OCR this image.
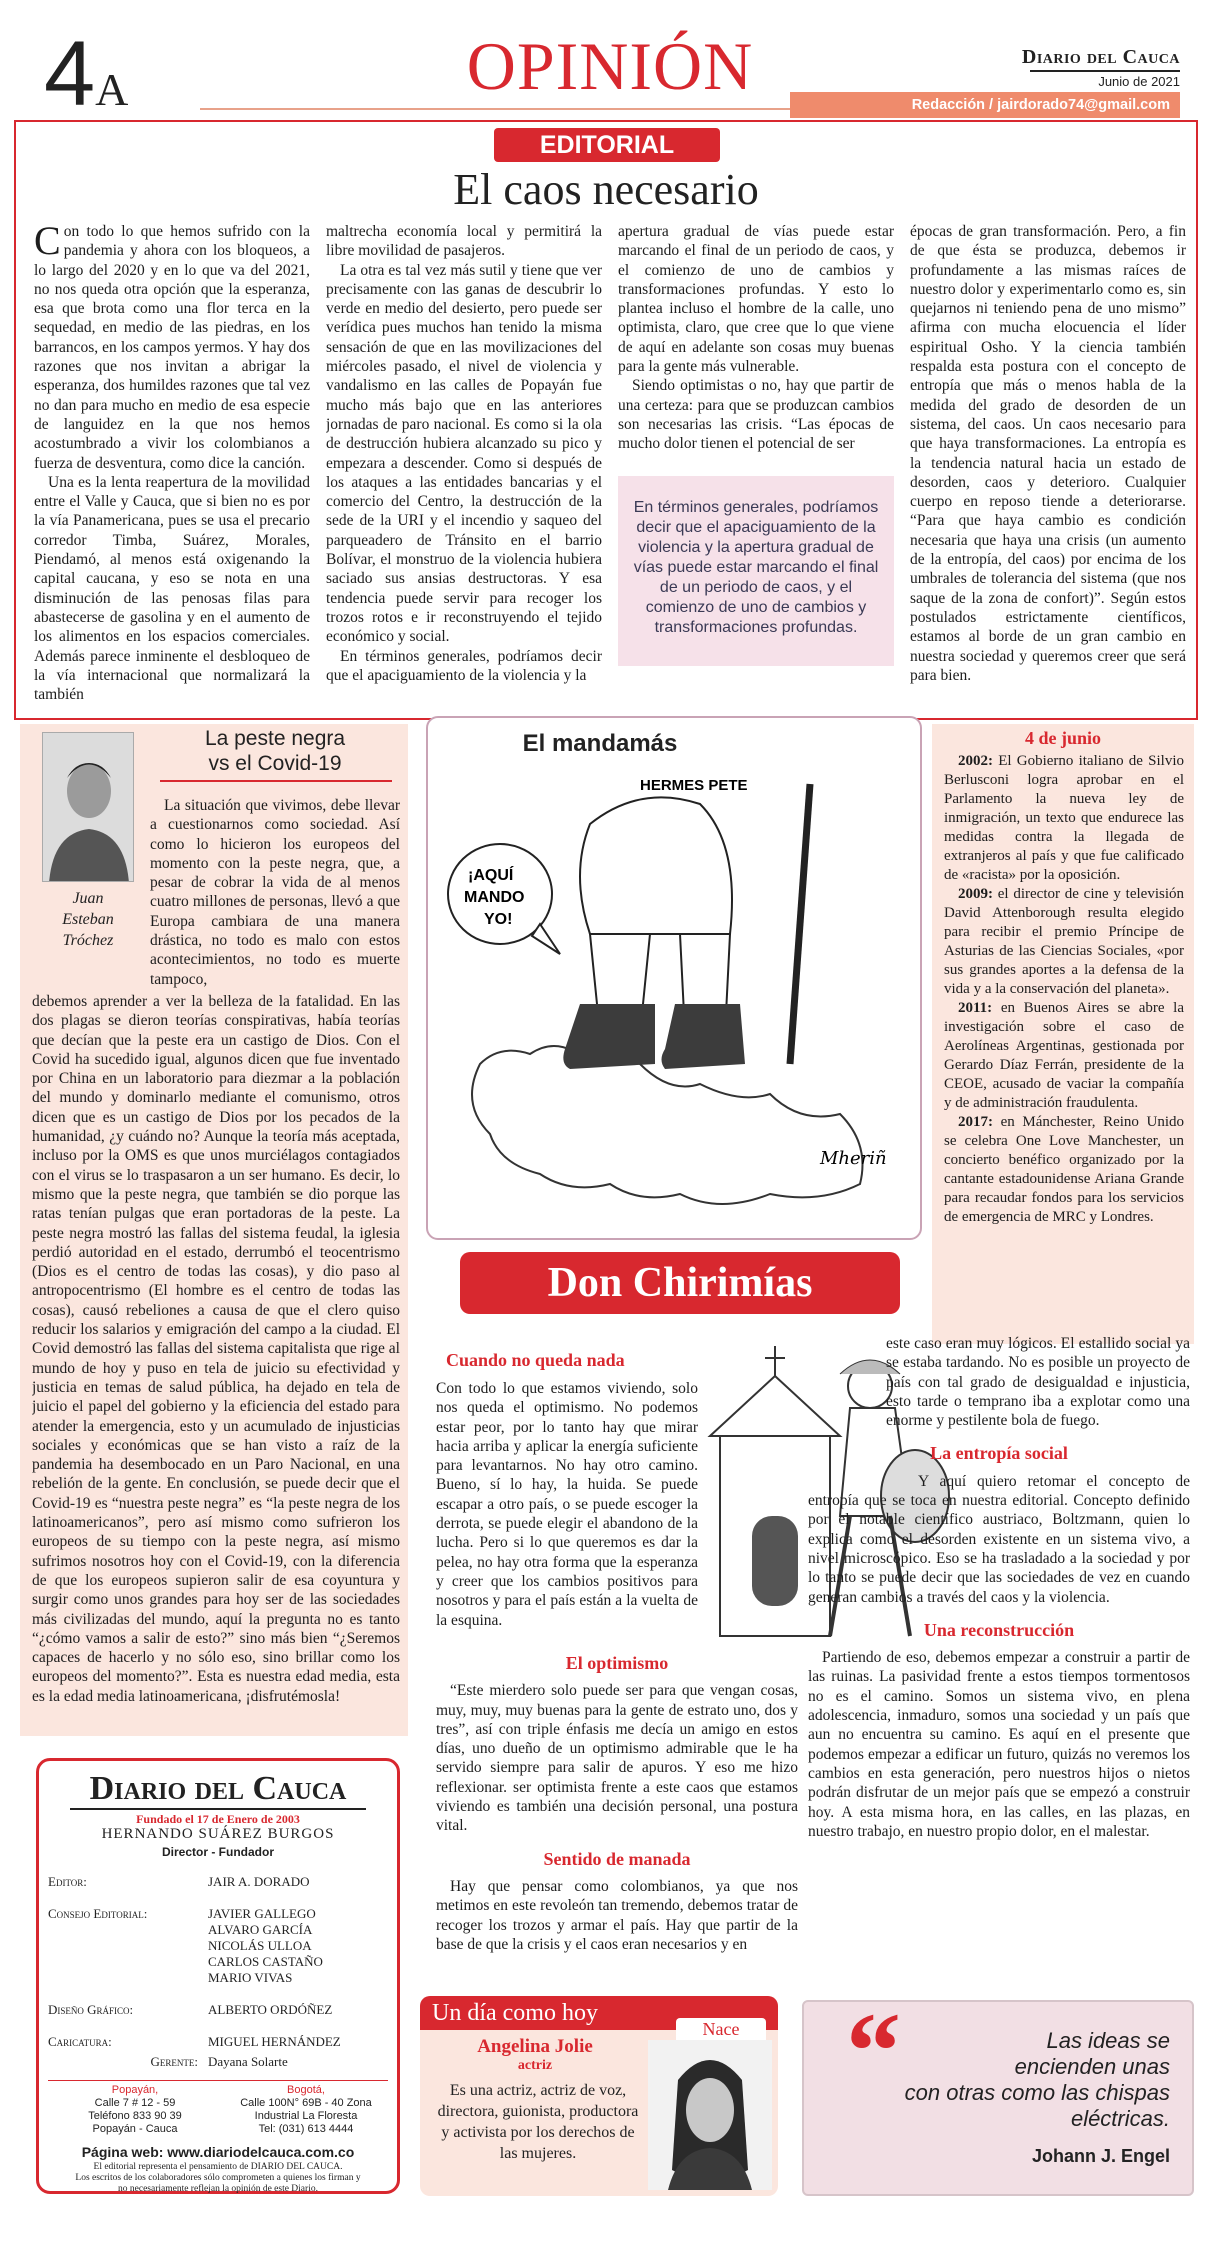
4A	OPINIÓN	Diario del Cauca
Junio de 2021
Redacción / jairdorado74@gmail.com
EDITORIAL
El caos necesario

Con todo lo que hemos sufrido con la pandemia y ahora con los bloqueos, a lo largo del 2020 y en lo que va del 2021, no nos queda otra opción que la esperanza, esa que brota como una flor terca en la sequedad, en medio de las piedras, en los barrancos, en los campos yermos. Y hay dos razones que nos invitan a abrigar la esperanza, dos humildes razones que tal vez no dan para mucho en medio de esa especie de languidez en la que nos hemos acostumbrado a vivir los colombianos a fuerza de desventura, como dice la canción.

Una es la lenta reapertura de la movilidad entre el Valle y Cauca, que si bien no es por la vía Panamericana, pues se usa el precario corredor Timba, Suárez, Morales, Piendamó, al menos está oxigenando la capital caucana, y eso se nota en una disminución de las penosas filas para abastecerse de gasolina y en el aumento de los alimentos en los espacios comerciales. Además parece inminente el desbloqueo de la vía internacional que normalizará la también

maltrecha economía local y permitirá la libre movilidad de pasajeros.

La otra es tal vez más sutil y tiene que ver precisamente con las ganas de descubrir lo verde en medio del desierto, pero puede ser verídica pues muchos han tenido la misma sensación de que en las movilizaciones del miércoles pasado, el nivel de violencia y vandalismo en las calles de Popayán fue mucho más bajo que en las anteriores jornadas de paro nacional. Es como si la ola de destrucción hubiera alcanzado su pico y empezara a descender. Como si después de los ataques a las entidades bancarias y el comercio del Centro, la destrucción de la sede de la URI y el incendio y saqueo del parqueadero de Tránsito en el barrio Bolívar, el monstruo de la violencia hubiera saciado sus ansias destructoras. Y esa tendencia puede servir para recoger los trozos rotos e ir reconstruyendo el tejido económico y social.

En términos generales, podríamos decir que el apaciguamiento de la violencia y la

apertura gradual de vías puede estar marcando el final de un periodo de caos, y el comienzo de uno de cambios y transformaciones profundas. Y esto lo plantea incluso el hombre de la calle, uno optimista, claro, que cree que lo que viene de aquí en adelante son cosas muy buenas para la gente más vulnerable.

Siendo optimistas o no, hay que partir de una certeza: para que se produzcan cambios son necesarias las crisis. “Las épocas de mucho dolor tienen el potencial de ser

En términos generales, podríamos decir que el apaciguamiento de la violencia y la apertura gradual de vías puede estar marcando el final de un periodo de caos, y el comienzo de uno de cambios y transformaciones profundas.

épocas de gran transformación. Pero, a fin de que ésta se produzca, debemos ir profundamente a las mismas raíces de nuestro dolor y experimentarlo como es, sin quejarnos ni teniendo pena de uno mismo” afirma con mucha elocuencia el líder espiritual Osho. Y la ciencia también respalda esta postura con el concepto de entropía que más o menos habla de la medida del grado de desorden de un sistema, del caos. Un caos necesario para que haya transformaciones. La entropía es la tendencia natural hacia un estado de desorden, caos y deterioro. Cualquier cuerpo en reposo tiende a deteriorarse. “Para que haya cambio es condición necesaria que haya una crisis (un aumento de la entropía, del caos) por encima de los umbrales de tolerancia del sistema (que nos saque de la zona de confort)”. Según estos postulados estrictamente científicos, estamos al borde de un gran cambio en nuestra sociedad y queremos creer que será para bien.

Juan
Esteban
Tróchez
La peste negra
vs el Covid-19
La situación que vivimos, debe llevar a cuestionarnos como sociedad. Así como lo hicieron los europeos del momento con la peste negra, que, a pesar de cobrar la vida de al menos cuatro millones de personas, llevó a que Europa cambiara de una manera drástica, no todo es malo con estos acontecimientos, no todo es muerte tampoco,
debemos aprender a ver la belleza de la fatalidad. En las dos plagas se dieron teorías conspirativas, había teorías que decían que la peste era un castigo de Dios. Con el Covid ha sucedido igual, algunos dicen que fue inventado por China en un laboratorio para diezmar a la población del mundo y dominarlo mediante el comunismo, otros dicen que es un castigo de Dios por los pecados de la humanidad, ¿y cuándo no? Aunque la teoría más aceptada, incluso por la OMS es que unos murciélagos contagiados con el virus se lo traspasaron a un ser humano. Es decir, lo mismo que la peste negra, que también se dio porque las ratas tenían pulgas que eran portadoras de la peste. La peste negra mostró las fallas del sistema feudal, la iglesia perdió autoridad en el estado, derrumbó el teocentrismo (Dios es el centro de todas las cosas), y dio paso al antropocentrismo (El hombre es el centro de todas las cosas), causó rebeliones a causa de que el clero quiso reducir los salarios y emigración del campo a la ciudad. El Covid demostró las fallas del sistema capitalista que rige al mundo de hoy y puso en tela de juicio su efectividad y justicia en temas de salud pública, ha dejado en tela de juicio el papel del gobierno y la eficiencia del estado para atender la emergencia, esto y un acumulado de injusticias sociales y económicas que se han visto a raíz de la pandemia ha desembocado en un Paro Nacional, en una rebelión de la gente. En conclusión, se puede decir que el Covid-19 es “nuestra peste negra” es “la peste negra de los latinoamericanos”, pero así mismo como sufrieron los europeos de su tiempo con la peste negra, así mismo sufrimos nosotros hoy con el Covid-19, con la diferencia de que los europeos supieron salir de esa coyuntura y surgir como unos grandes para hoy ser de las sociedades más civilizadas del mundo, aquí la pregunta no es tanto “¿cómo vamos a salir de esto?” sino más bien “¿Seremos capaces de hacerlo y no sólo eso, sino brillar como los europeos del momento?”. Esta es nuestra edad media, esta es la edad media latinoamericana, ¡disfrutémosla!
El mandamás
HERMES PETE
¡AQUÍ
MANDO
YO!
Mheriñ
4 de junio

2002: El Gobierno italiano de Silvio Berlusconi logra aprobar en el Parlamento la nueva ley de inmigración, un texto que endurece las medidas contra la llegada de extranjeros al país y que fue calificado de «racista» por la oposición.

2009: el director de cine y televisión David Attenborough resulta elegido para recibir el premio Príncipe de Asturias de las Ciencias Sociales, «por sus grandes aportes a la defensa de la vida y a la conservación del planeta».

2011: en Buenos Aires se abre la investigación sobre el caso de Aerolíneas Argentinas, gestionada por Gerardo Díaz Ferrán, presidente de la CEOE, acusado de vaciar la compañía y de administración fraudulenta.

2017: en Mánchester, Reino Unido se celebra One Love Manchester, un concierto benéfico organizado por la cantante estadounidense Ariana Grande para recaudar fondos para los servicios de emergencia de MRC y Londres.

Don Chirimías
Cuando no queda nada
Con todo lo que estamos viviendo, solo nos queda el optimismo. No podemos estar peor, por lo tanto hay que mirar hacia arriba y aplicar la energía suficiente para levantarnos. No hay otro camino. Bueno, sí lo hay, la huida. Se puede escapar a otro país, o se puede escoger la derrota, se puede elegir el abandono de la lucha. Pero si lo que queremos es dar la pelea, no hay otra forma que la esperanza y creer que los cambios positivos para nosotros y para el país están a la vuelta de la esquina.
El optimismo
“Este mierdero solo puede ser para que vengan cosas, muy, muy, muy buenas para la gente de estrato uno, dos y tres”, así con triple énfasis me decía un amigo en estos días, uno dueño de un optimismo admirable que le ha servido siempre para salir de apuros. Y eso me hizo reflexionar. ser optimista frente a este caos que estamos viviendo es también una decisión personal, una postura vital.
Sentido de manada
Hay que pensar como colombianos, ya que nos metimos en este revoleón tan tremendo, debemos tratar de recoger los trozos y armar el país. Hay que partir de la base de que la crisis y el caos eran necesarios y en
este caso eran muy lógicos. El estallido social ya se estaba tardando. No es posible un proyecto de país con tal grado de desigualdad e injusticia, esto tarde o temprano iba a explotar como una enorme y pestilente bola de fuego.
La entropía social
Y aquí quiero retomar el concepto de entropía que se toca en nuestra editorial. Concepto definido por el notable científico austriaco, Boltzmann, quien lo explica como el desorden existente en un sistema vivo, a nivel microscópico. Eso se ha trasladado a la sociedad y por lo tanto se puede decir que las sociedades de vez en cuando generan cambios a través del caos y la violencia.
Una reconstrucción
Partiendo de eso, debemos empezar a construir a partir de las ruinas. La pasividad frente a estos tiempos tormentosos no es el camino. Somos un sistema vivo, en plena adolescencia, inmaduro, somos una sociedad y un país que aun no encuentra su camino. Es aquí en el presente que podemos empezar a edificar un futuro, quizás no veremos los cambios en esta generación, pero nuestros hijos o nietos podrán disfrutar de un mejor país que se empezó a construir hoy. A esta misma hora, en las calles, en las plazas, en nuestro trabajo, en nuestro propio dolor, en el malestar.
Diario del Cauca
Fundado el 17 de Enero de 2003
HERNANDO SUÁREZ BURGOS
Director - Fundador
Editor:	JAIR A. DORADO
Consejo Editorial:	JAVIER GALLEGO
ALVARO GARCÍA
NICOLÁS ULLOA
CARLOS CASTAÑO
MARIO VIVAS
Diseño Gráfico:	ALBERTO ORDÓÑEZ
Caricatura:	MIGUEL HERNÁNDEZ
Gerente: Dayana Solarte
Popayán,
Calle 7 # 12 - 59
Teléfono 833 90 39
Popayán - Cauca
Bogotá,
Calle 100N° 69B - 40 Zona
Industrial La Floresta
Tel: (031) 613 4444
Página web: www.diariodelcauca.com.co
El editorial representa el pensamiento de DIARIO DEL CAUCA.
Los escritos de los colaboradores sólo comprometen a quienes los firman y
no necesariamente reflejan la opinión de este Diario.
Un día como hoy
Nace
Angelina Jolie
actriz
Es una actriz, actriz de voz, directora, guionista, productora y activista por los derechos de las mujeres.
“	Las ideas se
encienden unas
con otras como las chispas
eléctricas.
Johann J. Engel
